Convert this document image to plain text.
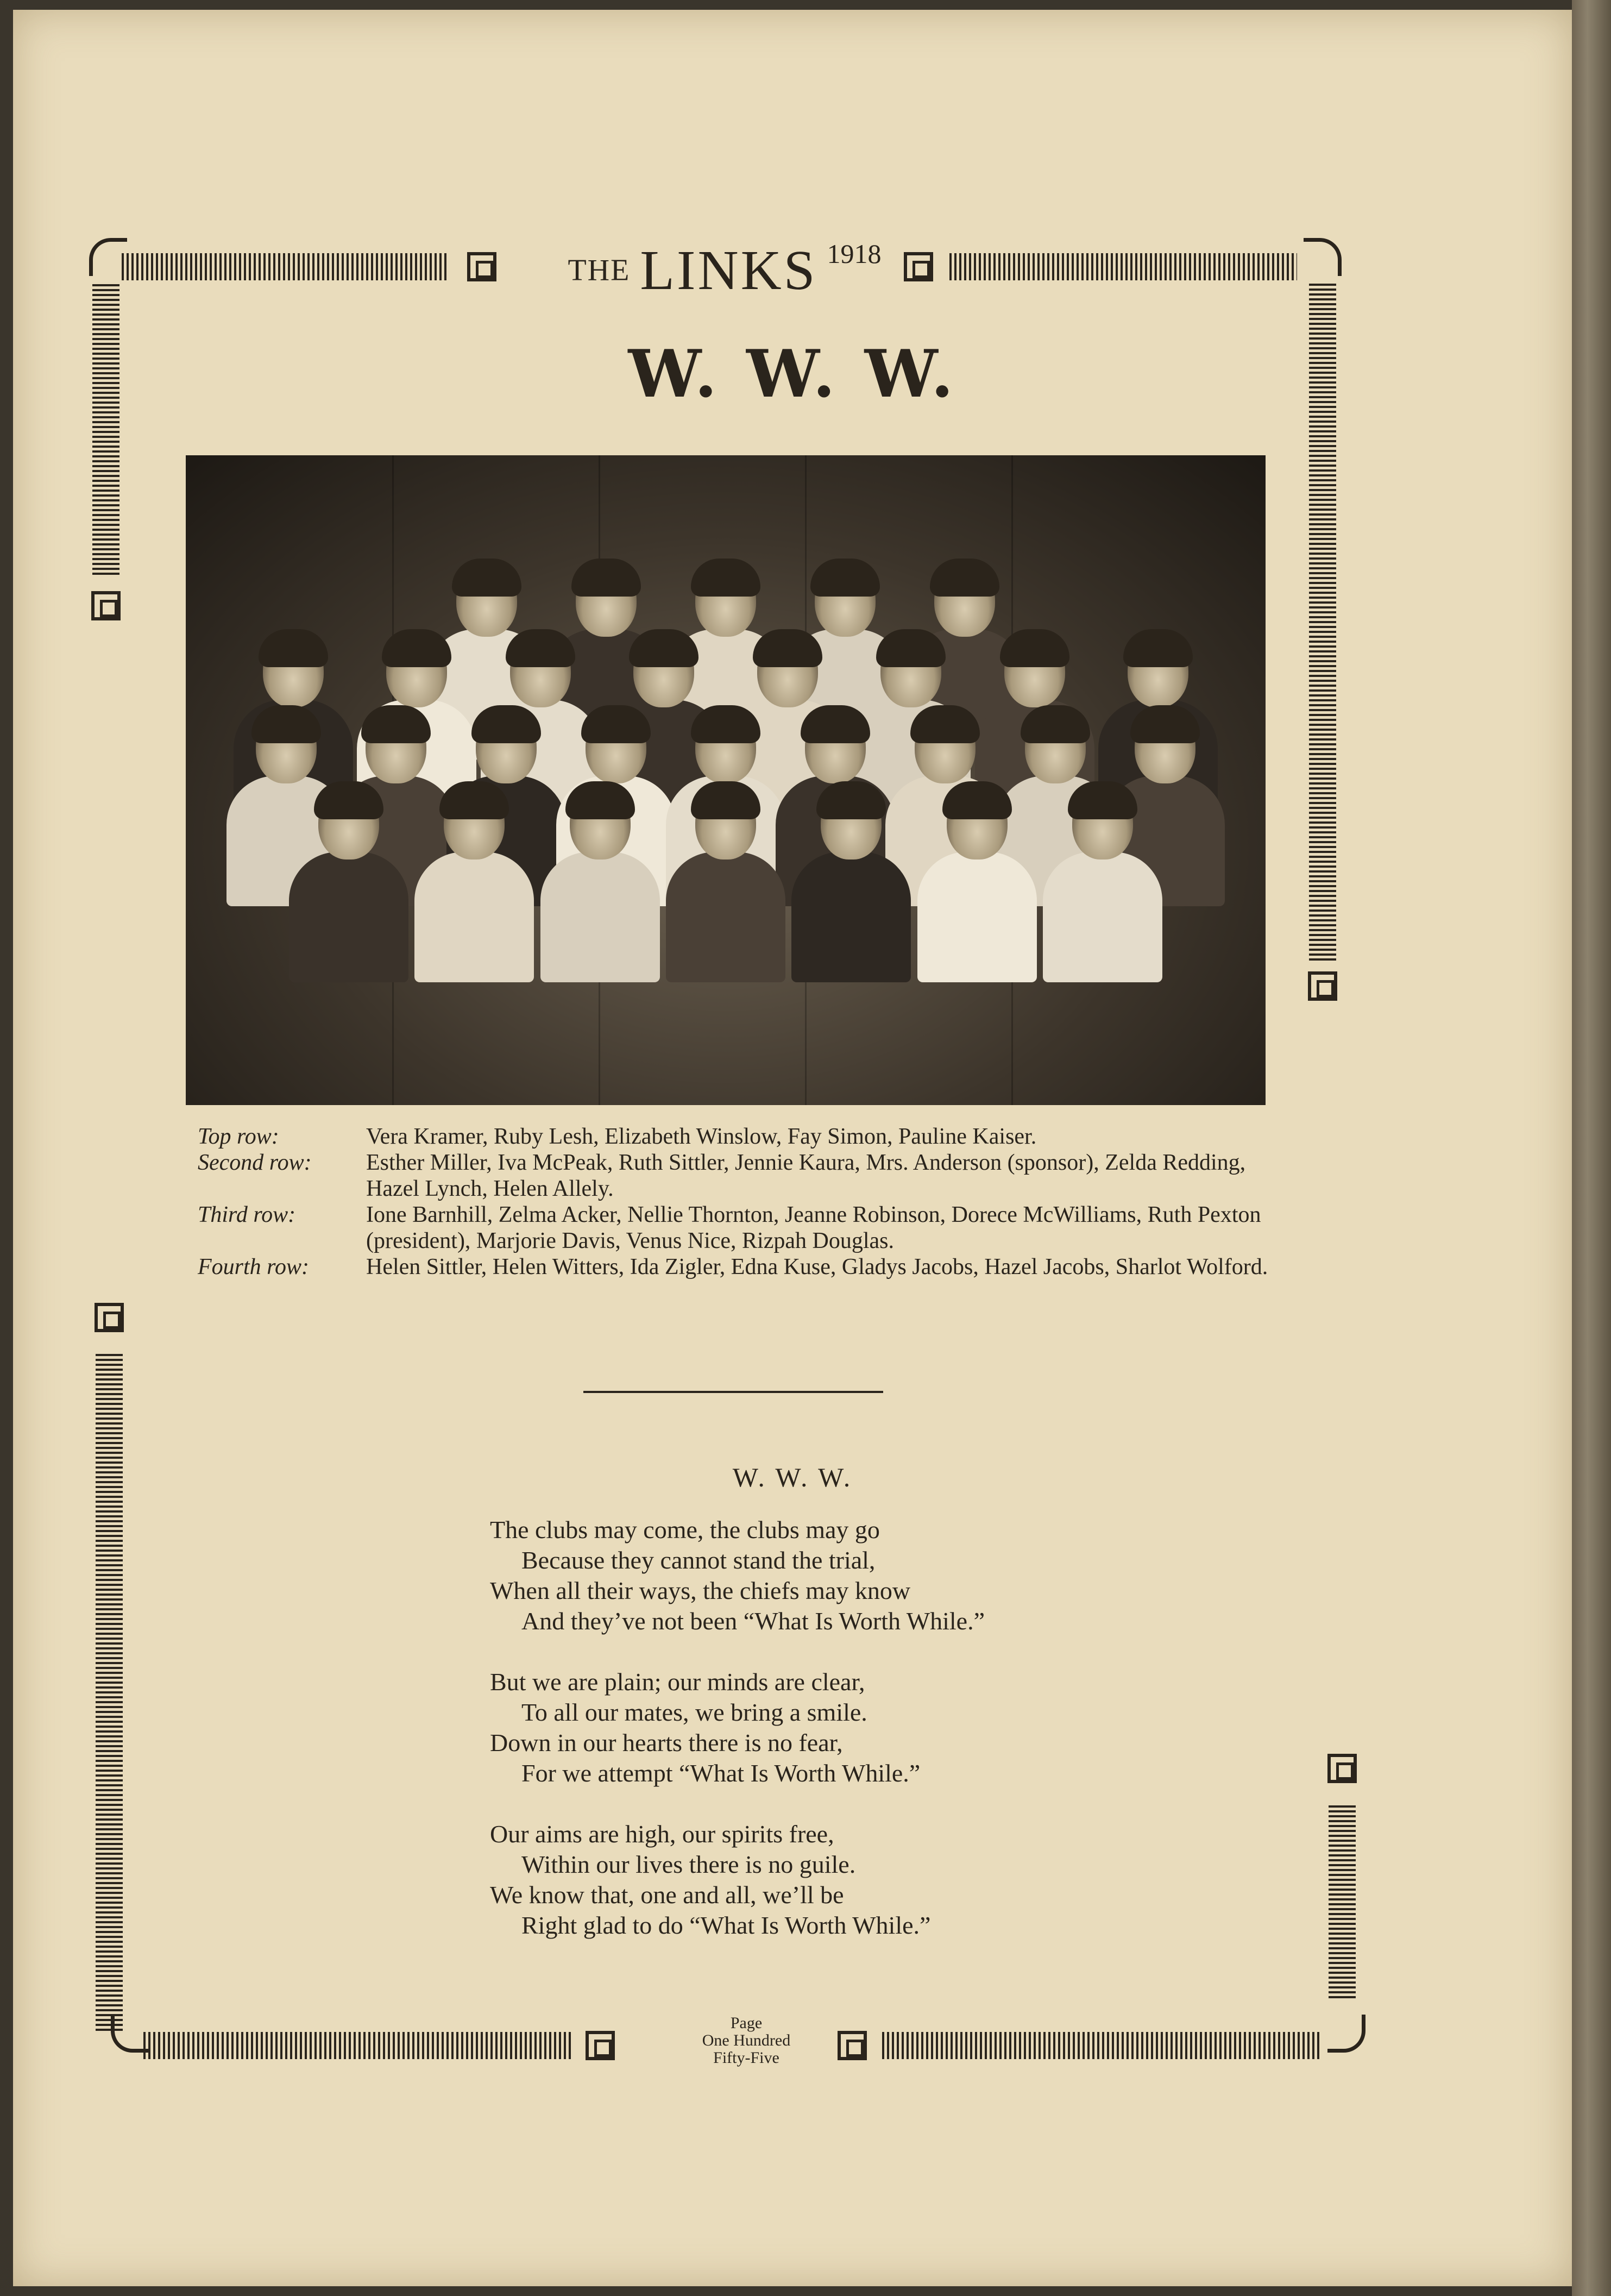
THE LINKS 1918
W. W. W.
Top row:	Vera Kramer, Ruby Lesh, Elizabeth Winslow, Fay Simon, Pauline Kaiser.
Second row:	Esther Miller, Iva McPeak, Ruth Sittler, Jennie Kaura, Mrs. Anderson (sponsor), Zelda Redding, Hazel Lynch, Helen Allely.
Third row:	Ione Barnhill, Zelma Acker, Nellie Thornton, Jeanne Robinson, Dorece McWilliams, Ruth Pexton (president), Marjorie Davis, Venus Nice, Rizpah Douglas.
Fourth row:	Helen Sittler, Helen Witters, Ida Zigler, Edna Kuse, Gladys Jacobs, Hazel Jacobs, Sharlot Wolford.
W. W. W.
The clubs may come, the clubs may go
Because they cannot stand the trial,
When all their ways, the chiefs may know
And they’ve not been “What Is Worth While.”
But we are plain; our minds are clear,
To all our mates, we bring a smile.
Down in our hearts there is no fear,
For we attempt “What Is Worth While.”
Our aims are high, our spirits free,
Within our lives there is no guile.
We know that, one and all, we’ll be
Right glad to do “What Is Worth While.”
Page
One Hundred
Fifty-Five
